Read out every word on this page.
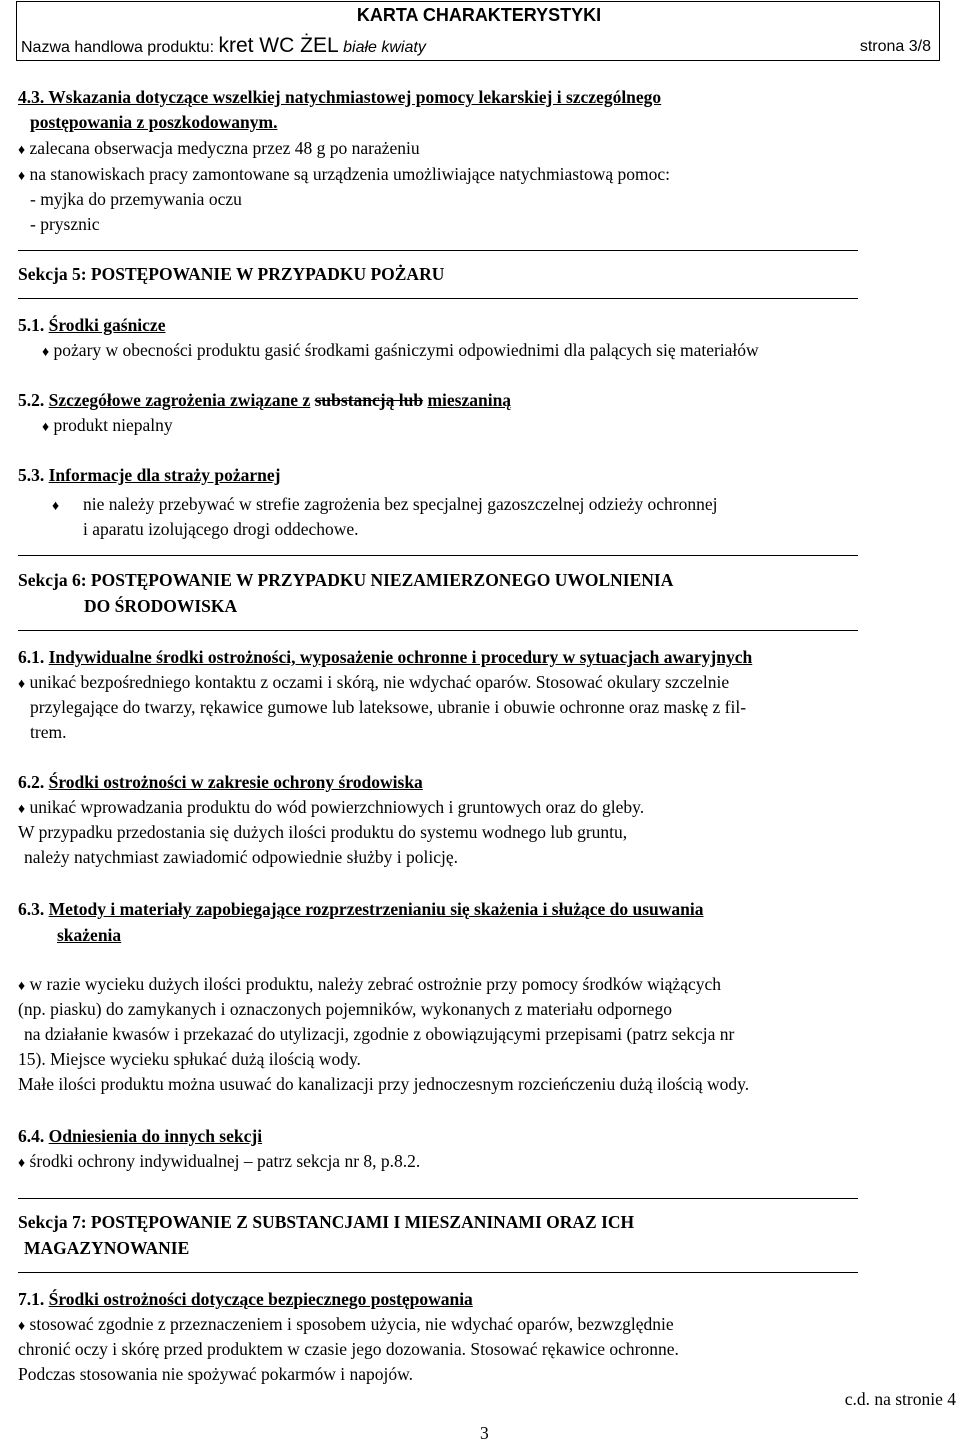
KARTA CHARAKTERYSTYKI
Nazwa handlowa produktu: kret WC ŻEL białe kwiaty	strona 3/8
4.3. Wskazania dotyczące wszelkiej natychmiastowej pomocy lekarskiej i szczególnego
postępowania z poszkodowanym.
♦ zalecana obserwacja medyczna przez 48 g po narażeniu
♦ na stanowiskach pracy zamontowane są urządzenia umożliwiające natychmiastową pomoc:
- myjka do przemywania oczu
- prysznic
Sekcja 5: POSTĘPOWANIE W PRZYPADKU POŻARU
5.1. Środki gaśnicze
♦ pożary w obecności produktu gasić środkami gaśniczymi odpowiednimi dla palących się materiałów
5.2. Szczegółowe zagrożenia związane z substancją lub mieszaniną
♦ produkt niepalny
5.3. Informacje dla straży pożarnej
♦ nie należy przebywać w strefie zagrożenia bez specjalnej gazoszczelnej odzieży ochronnej
i aparatu izolującego drogi oddechowe.
Sekcja 6: POSTĘPOWANIE W PRZYPADKU NIEZAMIERZONEGO UWOLNIENIA
DO ŚRODOWISKA
6.1. Indywidualne środki ostrożności, wyposażenie ochronne i procedury w sytuacjach awaryjnych
♦ unikać bezpośredniego kontaktu z oczami i skórą, nie wdychać oparów. Stosować okulary szczelnie
przylegające do twarzy, rękawice gumowe lub lateksowe, ubranie i obuwie ochronne oraz maskę z fil-
trem.
6.2. Środki ostrożności w zakresie ochrony środowiska
♦ unikać wprowadzania produktu do wód powierzchniowych i gruntowych oraz do gleby.
W przypadku przedostania się dużych ilości produktu do systemu wodnego lub gruntu,
należy natychmiast zawiadomić odpowiednie służby i policję.
6.3. Metody i materiały zapobiegające rozprzestrzenianiu się skażenia i służące do usuwania
skażenia
♦ w razie wycieku dużych ilości produktu, należy zebrać ostrożnie przy pomocy środków wiążących
(np. piasku) do zamykanych i oznaczonych pojemników, wykonanych z materiału odpornego
na działanie kwasów i przekazać do utylizacji, zgodnie z obowiązującymi przepisami (patrz sekcja nr
15). Miejsce wycieku spłukać dużą ilością wody.
Małe ilości produktu można usuwać do kanalizacji przy jednoczesnym rozcieńczeniu dużą ilością wody.
6.4. Odniesienia do innych sekcji
♦ środki ochrony indywidualnej – patrz sekcja nr 8, p.8.2.
Sekcja 7: POSTĘPOWANIE Z SUBSTANCJAMI I MIESZANINAMI ORAZ ICH
MAGAZYNOWANIE
7.1. Środki ostrożności dotyczące bezpiecznego postępowania
♦ stosować zgodnie z przeznaczeniem i sposobem użycia, nie wdychać oparów, bezwzględnie
chronić oczy i skórę przed produktem w czasie jego dozowania. Stosować rękawice ochronne.
Podczas stosowania nie spożywać pokarmów i napojów.
c.d. na stronie 4
3
